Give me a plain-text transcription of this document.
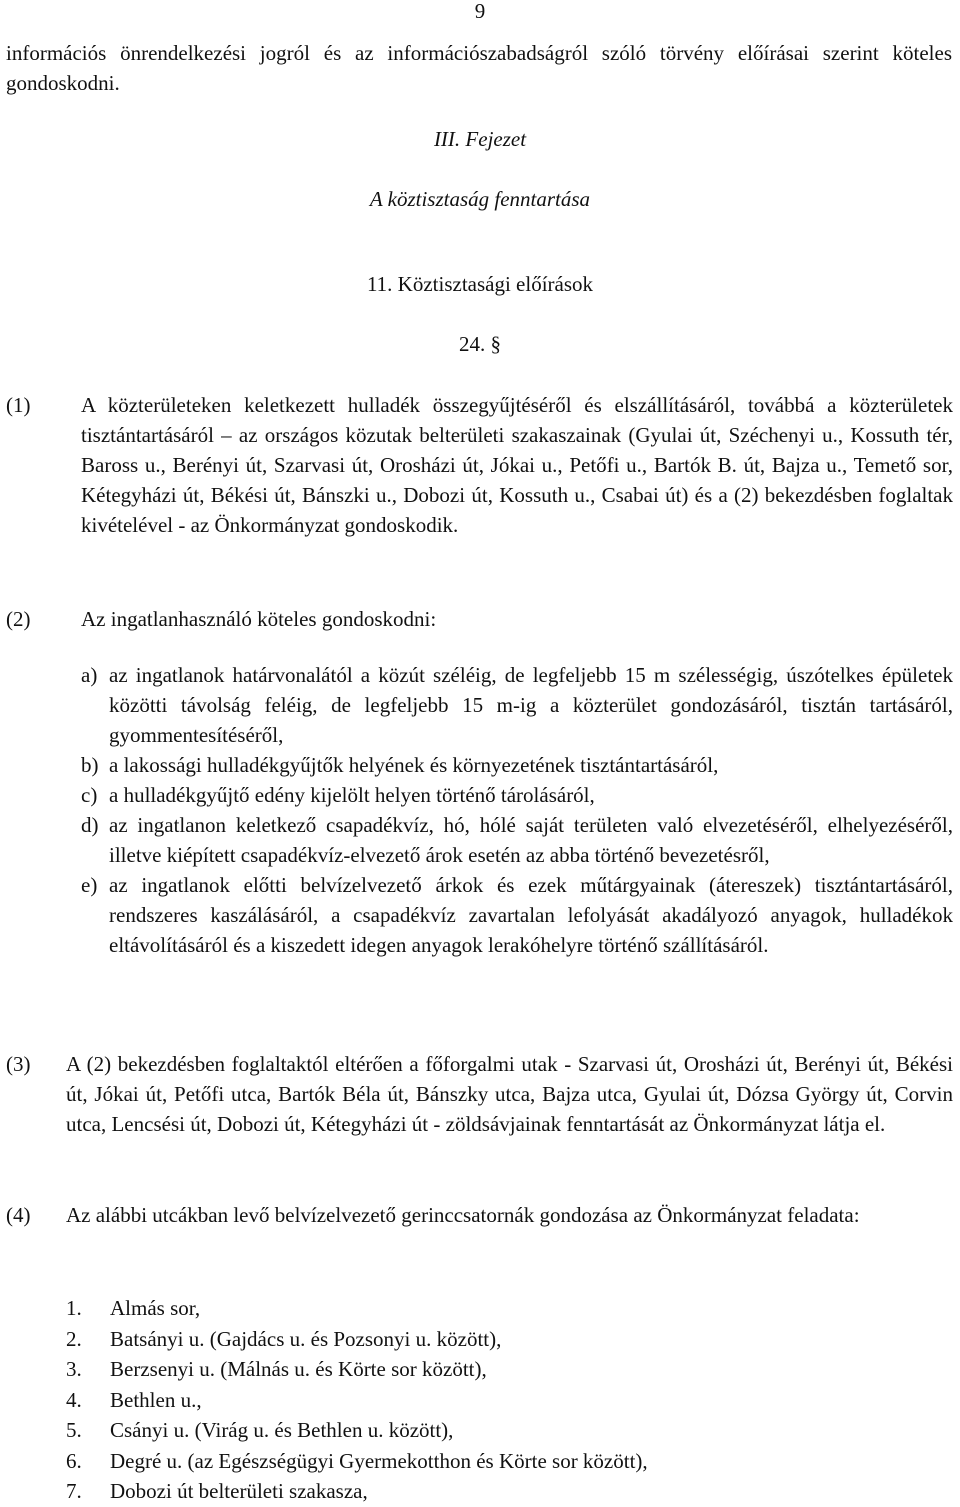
9
információs önrendelkezési jogról és az információszabadságról szóló törvény előírásai szerint köteles gondoskodni.
III. Fejezet
A köztisztaság fenntartása
11. Köztisztasági előírások
24. §
(1) A közterületeken keletkezett hulladék összegyűjtéséről és elszállításáról, továbbá a közterületek tisztántartásáról – az országos közutak belterületi szakaszainak (Gyulai út, Széchenyi u., Kossuth tér, Baross u., Berényi út, Szarvasi út, Orosházi út, Jókai u., Petőfi u., Bartók B. út, Bajza u., Temető sor, Kétegyházi út, Békési út, Bánszki u., Dobozi út, Kossuth u., Csabai út) és a (2) bekezdésben foglaltak kivételével - az Önkormányzat gondoskodik.
(2) Az ingatlanhasználó köteles gondoskodni:
a) az ingatlanok határvonalától a közút széléig, de legfeljebb 15 m szélességig, úszótelkes épületek közötti távolság feléig, de legfeljebb 15 m-ig a közterület gondozásáról, tisztán tartásáról, gyommentesítéséről,
b) a lakossági hulladékgyűjtők helyének és környezetének tisztántartásáról,
c) a hulladékgyűjtő edény kijelölt helyen történő tárolásáról,
d) az ingatlanon keletkező csapadékvíz, hó, hólé saját területen való elvezetéséről, elhelyezéséről, illetve kiépített csapadékvíz-elvezető árok esetén az abba történő bevezetésről,
e) az ingatlanok előtti belvízelvezető árkok és ezek műtárgyainak (átereszek) tisztántartásáról, rendszeres kaszálásáról, a csapadékvíz zavartalan lefolyását akadályozó anyagok, hulladékok eltávolításáról és a kiszedett idegen anyagok lerakóhelyre történő szállításáról.
(3) A (2) bekezdésben foglaltaktól eltérően a főforgalmi utak - Szarvasi út, Orosházi út, Berényi út, Békési út, Jókai út, Petőfi utca, Bartók Béla út, Bánszky utca, Bajza utca, Gyulai út, Dózsa György út, Corvin utca, Lencsési út, Dobozi út, Kétegyházi út - zöldsávjainak fenntartását az Önkormányzat látja el.
(4) Az alábbi utcákban levő belvízelvezető gerinccsatornák gondozása az Önkormányzat feladata:
1.	Almás sor,
2.	Batsányi u. (Gajdács u. és Pozsonyi u. között),
3.	Berzsenyi u. (Málnás u. és Körte sor között),
4.	Bethlen u.,
5.	Csányi u. (Virág u. és Bethlen u. között),
6.	Degré u. (az Egészségügyi Gyermekotthon és Körte sor között),
7.	Dobozi út belterületi szakasza,
